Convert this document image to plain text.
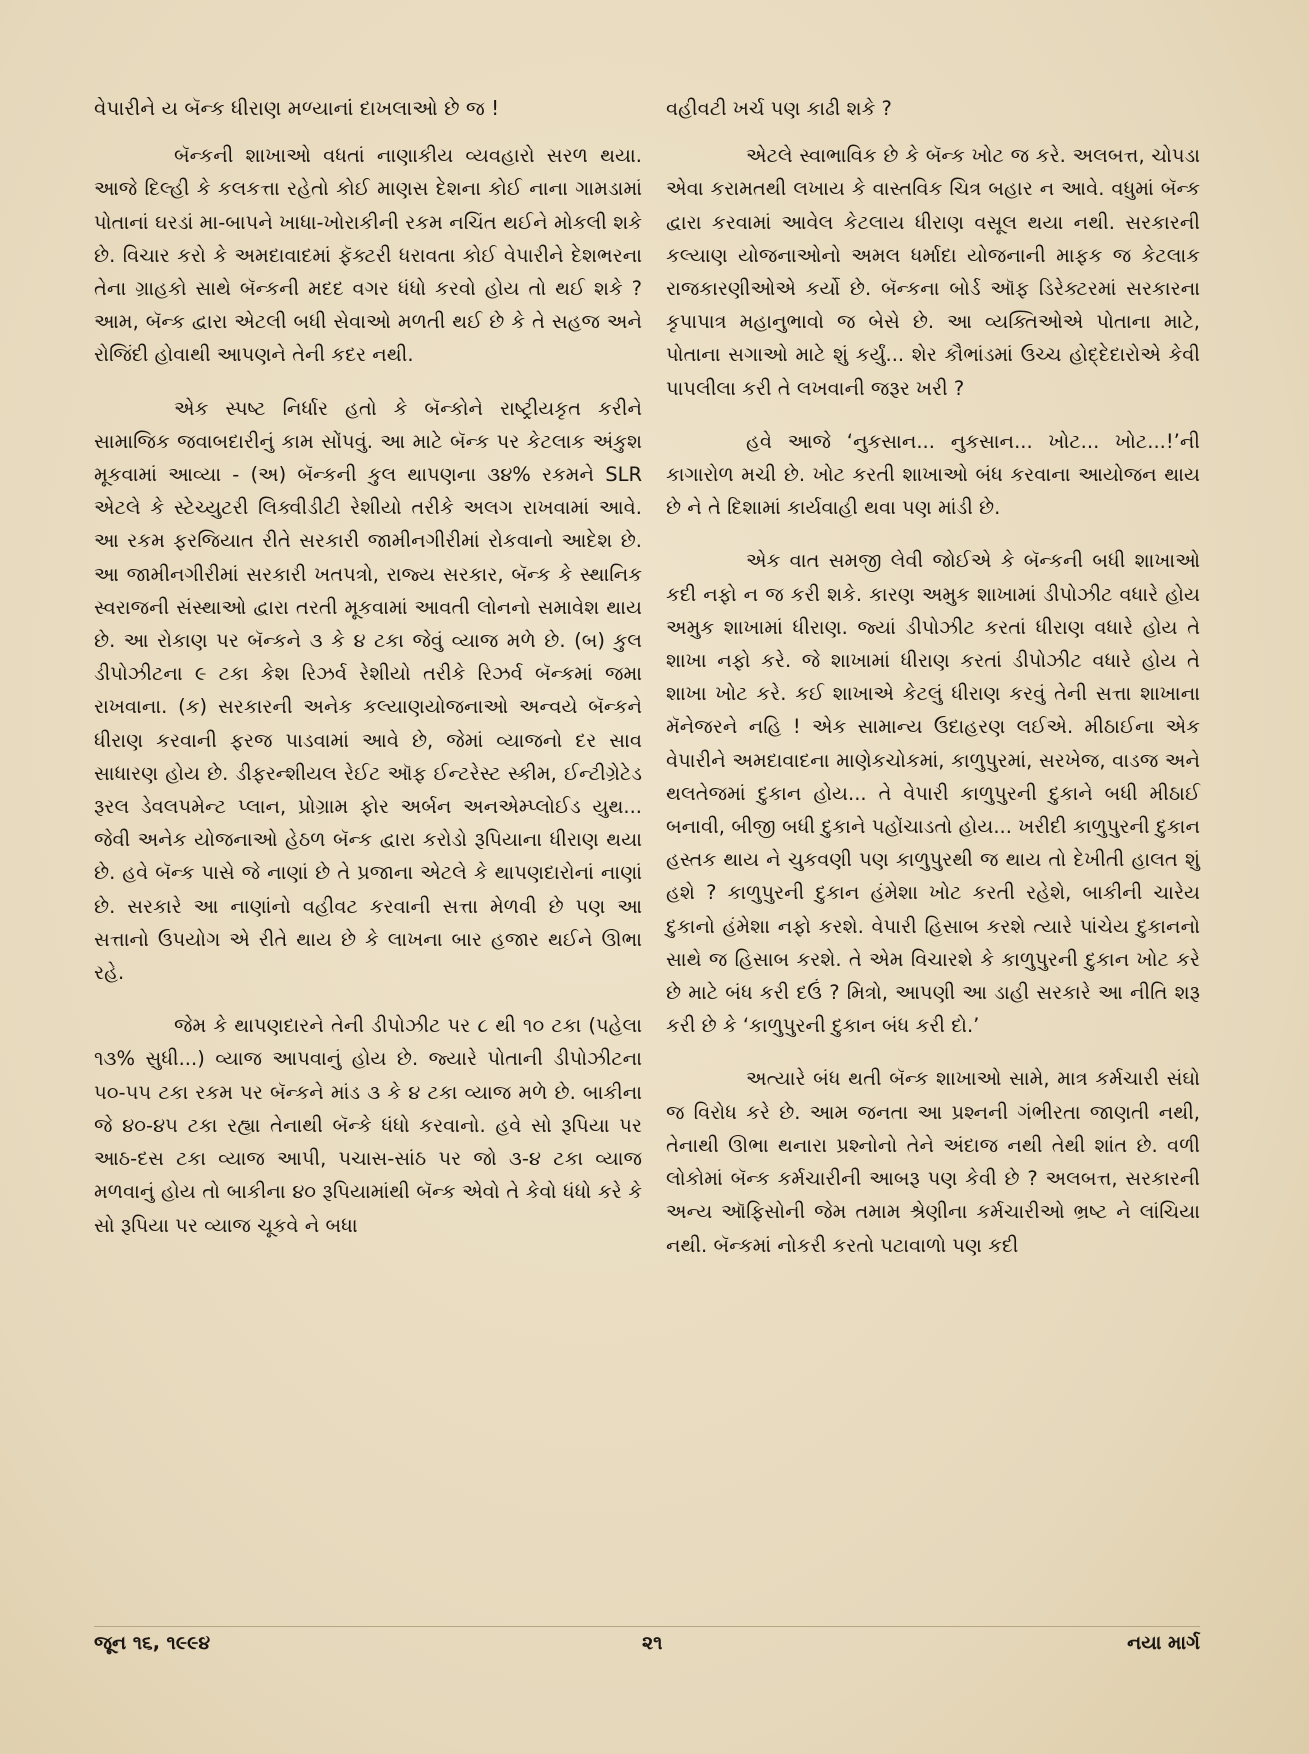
વેપારીને ય બૅન્ક ધીરાણ મળ્યાનાં દાખલાઓ છે જ !

બૅન્કની શાખાઓ વધતાં નાણાકીય વ્યવહારો સરળ થયા. આજે દિલ્હી કે કલકત્તા રહેતો કોઈ માણસ દેશના કોઈ નાના ગામડામાં પોતાનાં ઘરડાં મા-બાપને ખાધા-ખોરાકીની રકમ નચિંત થઈને મોકલી શકે છે. વિચાર કરો કે અમદાવાદમાં ફૅક્ટરી ધરાવતા કોઈ વેપારીને દેશભરના તેના ગ્રાહકો સાથે બૅન્કની મદદ વગર ધંધો કરવો હોય તો થઈ શકે ? આમ, બૅન્ક દ્વારા એટલી બધી સેવાઓ મળતી થઈ છે કે તે સહજ અને રોજિંદી હોવાથી આપણને તેની કદર નથી.

એક સ્પષ્ટ નિર્ધાર હતો કે બૅન્કોને રાષ્ટ્રીયકૃત કરીને સામાજિક જવાબદારીનું કામ સોંપવું. આ માટે બૅન્ક પર કેટલાક અંકુશ મૂકવામાં આવ્યા - (અ) બૅન્કની કુલ થાપણના ૩૪% રકમને SLR એટલે કે સ્ટેચ્યુટરી લિક્વીડીટી રેશીયો તરીકે અલગ રાખવામાં આવે. આ રકમ ફરજિયાત રીતે સરકારી જામીનગીરીમાં રોકવાનો આદેશ છે. આ જામીનગીરીમાં સરકારી ખતપત્રો, રાજ્ય સરકાર, બૅન્ક કે સ્થાનિક સ્વરાજની સંસ્થાઓ દ્વારા તરતી મૂકવામાં આવતી લોનનો સમાવેશ થાય છે. આ રોકાણ પર બૅન્કને ૩ કે ૪ ટકા જેવું વ્યાજ મળે છે. (બ) કુલ ડીપોઝીટના ૯ ટકા કેશ રિઝર્વ રેશીયો તરીકે રિઝર્વ બૅન્કમાં જમા રાખવાના. (ક) સરકારની અનેક કલ્યાણયોજનાઓ અન્વયે બૅન્કને ધીરાણ કરવાની ફરજ પાડવામાં આવે છે, જેમાં વ્યાજનો દર સાવ સાધારણ હોય છે. ડીફરન્શીયલ રેઈટ ઑફ ઈન્ટરેસ્ટ સ્કીમ, ઈન્ટીગ્રેટેડ રૂરલ ડેવલપમેન્ટ પ્લાન, પ્રોગ્રામ ફોર અર્બન અનએમ્પ્લોઈડ યુથ... જેવી અનેક યોજનાઓ હેઠળ બૅન્ક દ્વારા કરોડો રૂપિયાના ધીરાણ થયા છે. હવે બૅન્ક પાસે જે નાણાં છે તે પ્રજાના એટલે કે થાપણદારોનાં નાણાં છે. સરકારે આ નાણાંનો વહીવટ કરવાની સત્તા મેળવી છે પણ આ સત્તાનો ઉપયોગ એ રીતે થાય છે કે લાખના બાર હજાર થઈને ઊભા રહે.

જેમ કે થાપણદારને તેની ડીપોઝીટ પર ૮ થી ૧૦ ટકા (પહેલા ૧૩% સુધી...) વ્યાજ આપવાનું હોય છે. જ્યારે પોતાની ડીપોઝીટના ૫૦-૫૫ ટકા રકમ પર બૅન્કને માંડ ૩ કે ૪ ટકા વ્યાજ મળે છે. બાકીના જે ૪૦-૪૫ ટકા રહ્યા તેનાથી બૅન્કે ધંધો કરવાનો. હવે સો રૂપિયા પર આઠ-દસ ટકા વ્યાજ આપી, પચાસ-સાંઠ પર જો ૩-૪ ટકા વ્યાજ મળવાનું હોય તો બાકીના ૪૦ રૂપિયામાંથી બૅન્ક એવો તે કેવો ધંધો કરે કે સો રૂપિયા પર વ્યાજ ચૂકવે ને બધા

વહીવટી ખર્ચ પણ કાઢી શકે ?

એટલે સ્વાભાવિક છે કે બૅન્ક ખોટ જ કરે. અલબત્ત, ચોપડા એવા કરામતથી લખાય કે વાસ્તવિક ચિત્ર બહાર ન આવે. વધુમાં બૅન્ક દ્વારા કરવામાં આવેલ કેટલાય ધીરાણ વસૂલ થયા નથી. સરકારની કલ્યાણ યોજનાઓનો અમલ ધર્માદા યોજનાની માફક જ કેટલાક રાજકારણીઓએ કર્યો છે. બૅન્કના બોર્ડ ઑફ ડિરેક્ટરમાં સરકારના કૃપાપાત્ર મહાનુભાવો જ બેસે છે. આ વ્યક્તિઓએ પોતાના માટે, પોતાના સગાઓ માટે શું કર્યું... શેર કૌભાંડમાં ઉચ્ચ હોદ્દેદારોએ કેવી પાપલીલા કરી તે લખવાની જરૂર ખરી ?

હવે આજે ‘નુકસાન... નુકસાન... ખોટ... ખોટ...!’ની કાગારોળ મચી છે. ખોટ કરતી શાખાઓ બંધ કરવાના આયોજન થાય છે ને તે દિશામાં કાર્યવાહી થવા પણ માંડી છે.

એક વાત સમજી લેવી જોઈએ કે બૅન્કની બધી શાખાઓ કદી નફો ન જ કરી શકે. કારણ અમુક શાખામાં ડીપોઝીટ વધારે હોય અમુક શાખામાં ધીરાણ. જ્યાં ડીપોઝીટ કરતાં ધીરાણ વધારે હોય તે શાખા નફો કરે. જે શાખામાં ધીરાણ કરતાં ડીપોઝીટ વધારે હોય તે શાખા ખોટ કરે. કઈ શાખાએ કેટલું ધીરાણ કરવું તેની સત્તા શાખાના મૅનેજરને નહિ ! એક સામાન્ય ઉદાહરણ લઈએ. મીઠાઈના એક વેપારીને અમદાવાદના માણેકચોકમાં, કાળુપુરમાં, સરખેજ, વાડજ અને થલતેજમાં દુકાન હોય... તે વેપારી કાળુપુરની દુકાને બધી મીઠાઈ બનાવી, બીજી બધી દુકાને પહોંચાડતો હોય... ખરીદી કાળુપુરની દુકાન હસ્તક થાય ને ચુકવણી પણ કાળુપુરથી જ થાય તો દેખીતી હાલત શું હશે ? કાળુપુરની દુકાન હંમેશા ખોટ કરતી રહેશે, બાકીની ચારેય દુકાનો હંમેશા નફો કરશે. વેપારી હિસાબ કરશે ત્યારે પાંચેય દુકાનનો સાથે જ હિસાબ કરશે. તે એમ વિચારશે કે કાળુપુરની દુકાન ખોટ કરે છે માટે બંધ કરી દઉં ? મિત્રો, આપણી આ ડાહી સરકારે આ નીતિ શરૂ કરી છે કે ‘કાળુપુરની દુકાન બંધ કરી દો.’

અત્યારે બંધ થતી બૅન્ક શાખાઓ સામે, માત્ર કર્મચારી સંઘો જ વિરોધ કરે છે. આમ જનતા આ પ્રશ્નની ગંભીરતા જાણતી નથી, તેનાથી ઊભા થનારા પ્રશ્નોનો તેને અંદાજ નથી તેથી શાંત છે. વળી લોકોમાં બૅન્ક કર્મચારીની આબરૂ પણ કેવી છે ? અલબત્ત, સરકારની અન્ય ઑફિસોની જેમ તમામ શ્રેણીના કર્મચારીઓ ભ્રષ્ટ ને લાંચિયા નથી. બૅન્કમાં નોકરી કરતો પટાવાળો પણ કદી

જૂન ૧૬, ૧૯૯૪	૨૧	નયા માર્ગ
